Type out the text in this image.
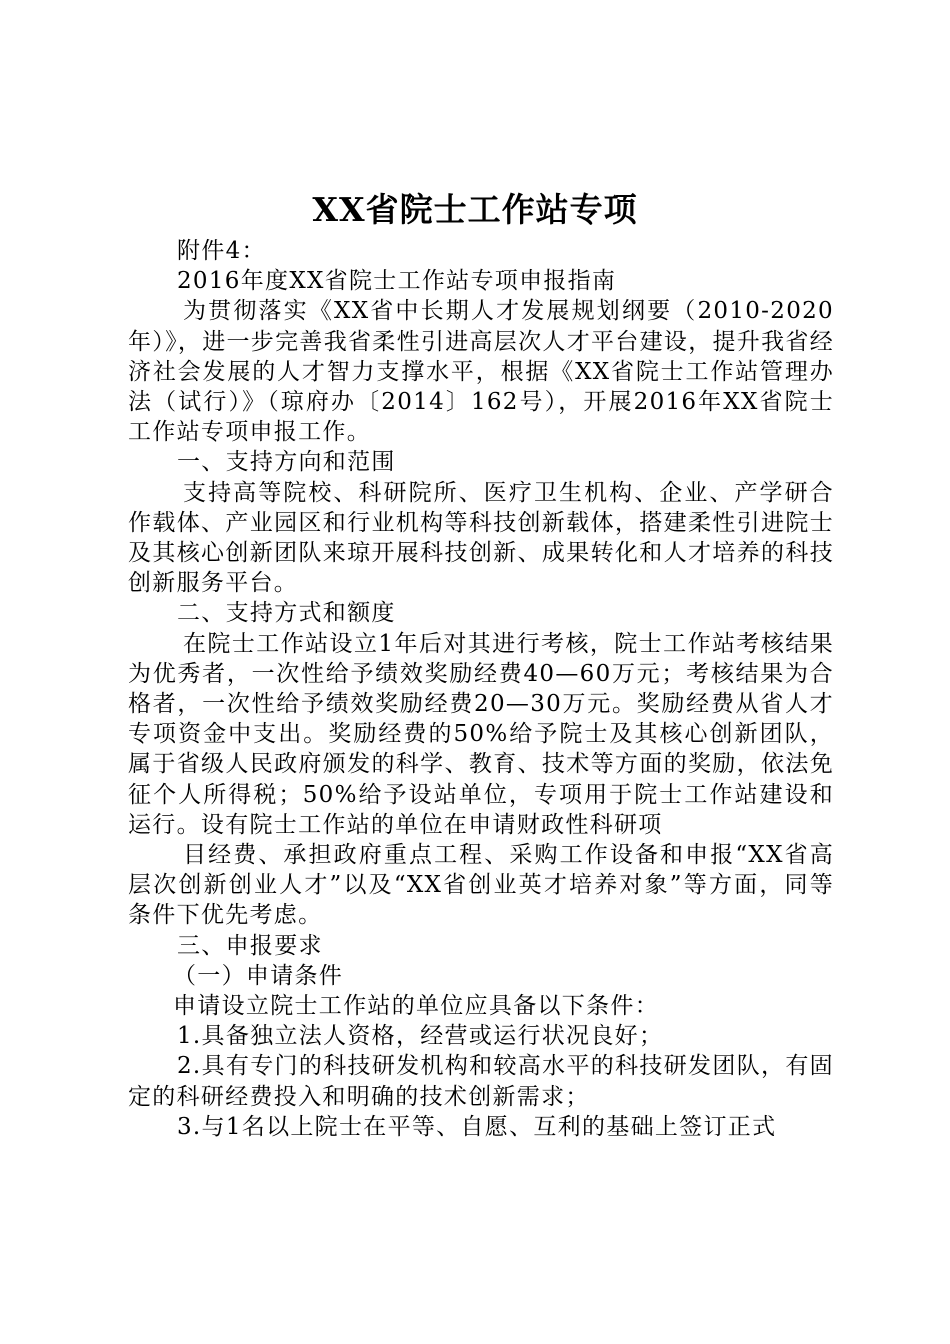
XX省院士工作站专项

附件4：

2016年度XX省院士工作站专项申报指南

为贯彻落实《XX省中长期人才发展规划纲要（2010-2020年）》，进一步完善我省柔性引进高层次人才平台建设，提升我省经济社会发展的人才智力支撑水平，根据《XX省院士工作站管理办法（试行）》（琼府办〔2014〕162号），开展2016年XX省院士工作站专项申报工作。

一、支持方向和范围

支持高等院校、科研院所、医疗卫生机构、企业、产学研合作载体、产业园区和行业机构等科技创新载体，搭建柔性引进院士及其核心创新团队来琼开展科技创新、成果转化和人才培养的科技创新服务平台。

二、支持方式和额度

在院士工作站设立1年后对其进行考核，院士工作站考核结果为优秀者，一次性给予绩效奖励经费40—60万元；考核结果为合格者，一次性给予绩效奖励经费20—30万元。奖励经费从省人才专项资金中支出。奖励经费的50%给予院士及其核心创新团队，属于省级人民政府颁发的科学、教育、技术等方面的奖励，依法免征个人所得税；50%给予设站单位，专项用于院士工作站建设和运行。设有院士工作站的单位在申请财政性科研项

目经费、承担政府重点工程、采购工作设备和申报“XX省高层次创新创业人才”以及“XX省创业英才培养对象”等方面，同等条件下优先考虑。

三、申报要求

（一）申请条件

申请设立院士工作站的单位应具备以下条件：

1.具备独立法人资格，经营或运行状况良好；

2.具有专门的科技研发机构和较高水平的科技研发团队，有固定的科研经费投入和明确的技术创新需求；

3.与1名以上院士在平等、自愿、互利的基础上签订正式
